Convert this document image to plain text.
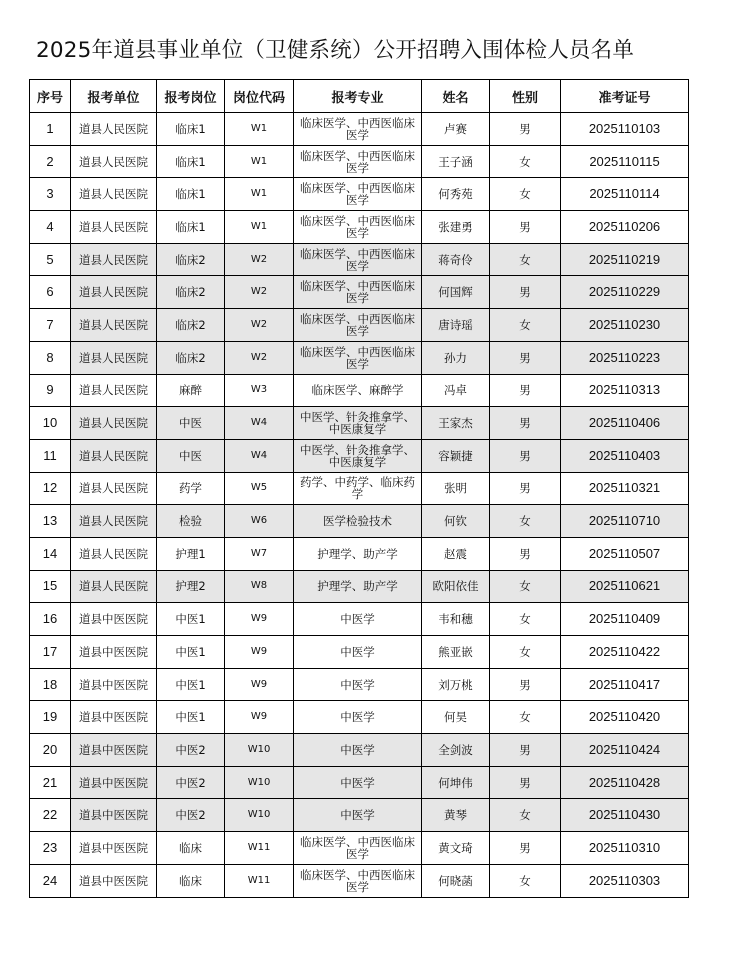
2025年道县事业单位（卫健系统）公开招聘入围体检人员名单
序号	报考单位	报考岗位	岗位代码	报考专业	姓名	性别	准考证号
1	道县人民医院	临床1	W1	临床医学、中西医临床医学	卢赛	男	2025110103
2	道县人民医院	临床1	W1	临床医学、中西医临床医学	王子涵	女	2025110115
3	道县人民医院	临床1	W1	临床医学、中西医临床医学	何秀苑	女	2025110114
4	道县人民医院	临床1	W1	临床医学、中西医临床医学	张建勇	男	2025110206
5	道县人民医院	临床2	W2	临床医学、中西医临床医学	蒋奇伶	女	2025110219
6	道县人民医院	临床2	W2	临床医学、中西医临床医学	何国辉	男	2025110229
7	道县人民医院	临床2	W2	临床医学、中西医临床医学	唐诗瑶	女	2025110230
8	道县人民医院	临床2	W2	临床医学、中西医临床医学	孙力	男	2025110223
9	道县人民医院	麻醉	W3	临床医学、麻醉学	冯卓	男	2025110313
10	道县人民医院	中医	W4	中医学、针灸推拿学、中医康复学	王家杰	男	2025110406
11	道县人民医院	中医	W4	中医学、针灸推拿学、中医康复学	容颖捷	男	2025110403
12	道县人民医院	药学	W5	药学、中药学、临床药学	张明	男	2025110321
13	道县人民医院	检验	W6	医学检验技术	何钦	女	2025110710
14	道县人民医院	护理1	W7	护理学、助产学	赵震	男	2025110507
15	道县人民医院	护理2	W8	护理学、助产学	欧阳依佳	女	2025110621
16	道县中医医院	中医1	W9	中医学	韦和穗	女	2025110409
17	道县中医医院	中医1	W9	中医学	熊亚嵌	女	2025110422
18	道县中医医院	中医1	W9	中医学	刘万桃	男	2025110417
19	道县中医医院	中医1	W9	中医学	何昊	女	2025110420
20	道县中医医院	中医2	W10	中医学	全剑波	男	2025110424
21	道县中医医院	中医2	W10	中医学	何坤伟	男	2025110428
22	道县中医医院	中医2	W10	中医学	黄琴	女	2025110430
23	道县中医医院	临床	W11	临床医学、中西医临床医学	黄文琦	男	2025110310
24	道县中医医院	临床	W11	临床医学、中西医临床医学	何晓菡	女	2025110303
